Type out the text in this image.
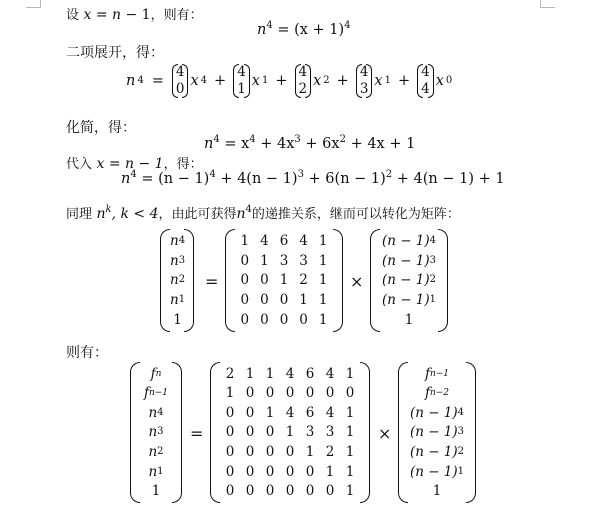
设 x = n − 1，则有：
$n^4 = (x + 1)^4$
二项展开，得：
n 4 =
4
0 x 4 +
4
1 x 1 +
4
2 x 2 +
4
3 x 1 +
4
4 x 0
化简，得：
$n^4 = x^4 + 4x^3 + 6x^2 + 4x + 1$
代入 x = n − 1，得：
$n^4 = (n - 1)^4 + 4(n - 1)^3 + 6(n - 1)^2 + 4(n - 1) + 1$
同理 $n^k$, k < 4，由此可获得$n^4$的递推关系，继而可以转化为矩阵：
n 4
n 3
n 2
n 1
1
=
1 4 6 4 1
0 1 3 3 1
0 0 1 2 1
0 0 0 1 1
0 0 0 0 1
×
(n − 1) 4
(n − 1) 3
(n − 1) 2
(n − 1) 1
1
则有：
f n
f n−1
n 4
n 3
n 2
n 1
1
=
2 1 1 4 6 4 1
1 0 0 0 0 0 0
0 0 1 4 6 4 1
0 0 0 1 3 3 1
0 0 0 0 1 2 1
0 0 0 0 0 1 1
0 0 0 0 0 0 1
×
f n−1
f n−2
(n − 1) 4
(n − 1) 3
(n − 1) 2
(n − 1) 1
1
